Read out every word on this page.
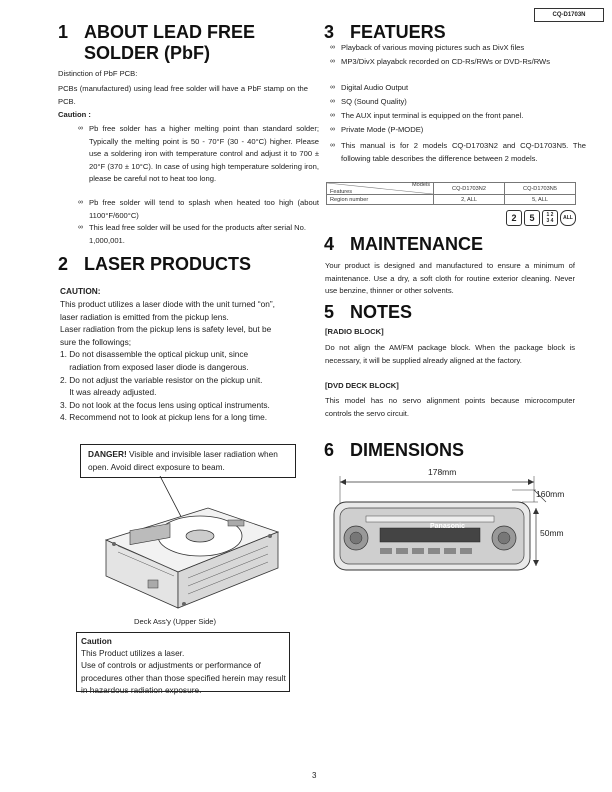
CQ-D1703N
1 ABOUT LEAD FREE
SOLDER (PbF)
Distinction of PbF PCB:
PCBs (manufactured) using lead free solder will have a PbF stamp on the PCB.
Caution :
∞ Pb free solder has a higher melting point than standard solder; Typically the melting point is 50 - 70°F (30 - 40°C) higher. Please use a soldering iron with temperature control and adjust it to 700 ± 20°F (370 ± 10°C). In case of using high temperature soldering iron, please be careful not to heat too long.
∞ Pb free solder will tend to splash when heated too high (about 1100°F/600°C)
∞ This lead free solder will be used for the products after serial No. 1,000,001.
2 LASER PRODUCTS
CAUTION:
This product utilizes a laser diode with the unit turned “on”,
laser radiation is emitted from the pickup lens.
Laser radiation from the pickup lens is safety level, but be
sure the followings;
1. Do not disassemble the optical pickup unit, since
radiation from exposed laser diode is dangerous.
2. Do not adjust the variable resistor on the pickup unit.
It was already adjusted.
3. Do not look at the focus lens using optical instruments.
4. Recommend not to look at pickup lens for a long time.
DANGER! Visible and invisible laser radiation when open. Avoid direct exposure to beam.
Deck Ass'y (Upper Side)
Caution
This Product utilizes a laser.
Use of controls or adjustments or performance of procedures other than those specified herein may result in hazardous radiation exposure.
3 FEATUERS
∞ Playback of various moving pictures such as DivX files
∞ MP3/DivX playabck recorded on CD-Rs/RWs or DVD-Rs/RWs
∞ Digital Audio Output
∞ SQ (Sound Quality)
∞ The AUX input terminal is equipped on the front panel.
∞ Private Mode (P-MODE)
∞ This manual is for 2 models CQ-D1703N2 and CQ-D1703N5. The following table describes the difference between 2 models.
Models
Features	CQ-D1703N2	CQ-D1703N5
Region number	2, ALL	5, ALL
2	5	1 2
3 4	ALL
4 MAINTENANCE
Your product is designed and manufactured to ensure a minimum of maintenance. Use a dry, a soft cloth for routine exterior cleaning. Never use benzine, thinner or other solvents.
5 NOTES
[RADIO BLOCK]
Do not align the AM/FM package block. When the package block is necessary, it will be supplied already aligned at the factory.
[DVD DECK BLOCK]
This model has no servo alignment points because microcomputer controls the servo circuit.
6 DIMENSIONS
178mm
160mm
50mm
Panasonic
3
